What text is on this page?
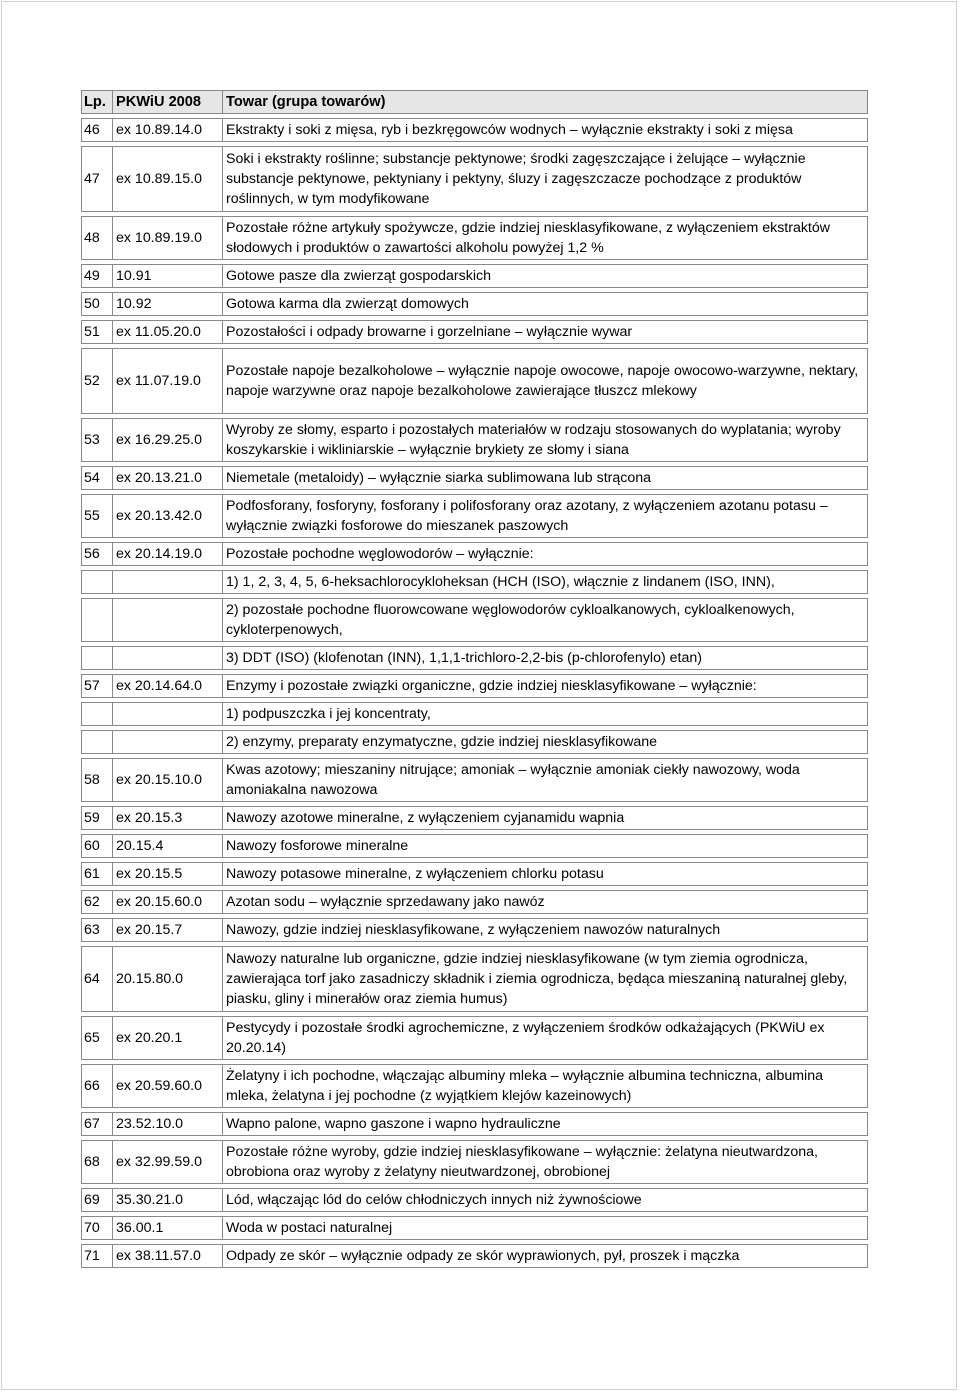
Lp.	PKWiU 2008	Towar (grupa towarów)
46	ex 10.89.14.0	Ekstrakty i soki z mięsa, ryb i bezkręgowców wodnych – wyłącznie ekstrakty i soki z mięsa
47	ex 10.89.15.0	Soki i ekstrakty roślinne; substancje pektynowe; środki zagęszczające i żelujące – wyłącznie substancje pektynowe, pektyniany i pektyny, śluzy i zagęszczacze pochodzące z produktów roślinnych, w tym modyfikowane
48	ex 10.89.19.0	Pozostałe różne artykuły spożywcze, gdzie indziej niesklasyfikowane, z wyłączeniem ekstraktów słodowych i produktów o zawartości alkoholu powyżej 1,2 %
49	10.91	Gotowe pasze dla zwierząt gospodarskich
50	10.92	Gotowa karma dla zwierząt domowych
51	ex 11.05.20.0	Pozostałości i odpady browarne i gorzelniane – wyłącznie wywar
52	ex 11.07.19.0	Pozostałe napoje bezalkoholowe – wyłącznie napoje owocowe, napoje owocowo-warzywne, nektary, napoje warzywne oraz napoje bezalkoholowe zawierające tłuszcz mlekowy
53	ex 16.29.25.0	Wyroby ze słomy, esparto i pozostałych materiałów w rodzaju stosowanych do wyplatania; wyroby koszykarskie i wikliniarskie – wyłącznie brykiety ze słomy i siana
54	ex 20.13.21.0	Niemetale (metaloidy) – wyłącznie siarka sublimowana lub strącona
55	ex 20.13.42.0	Podfosforany, fosforyny, fosforany i polifosforany oraz azotany, z wyłączeniem azotanu potasu – wyłącznie związki fosforowe do mieszanek paszowych
56	ex 20.14.19.0	Pozostałe pochodne węglowodorów – wyłącznie:
		1) 1, 2, 3, 4, 5, 6-heksachlorocykloheksan (HCH (ISO), włącznie z lindanem (ISO, INN),
		2) pozostałe pochodne fluorowcowane węglowodorów cykloalkanowych, cykloalkenowych, cykloterpenowych,
		3) DDT (ISO) (klofenotan (INN), 1,1,1-trichloro-2,2-bis (p-chlorofenylo) etan)
57	ex 20.14.64.0	Enzymy i pozostałe związki organiczne, gdzie indziej niesklasyfikowane – wyłącznie:
		1) podpuszczka i jej koncentraty,
		2) enzymy, preparaty enzymatyczne, gdzie indziej niesklasyfikowane
58	ex 20.15.10.0	Kwas azotowy; mieszaniny nitrujące; amoniak – wyłącznie amoniak ciekły nawozowy, woda amoniakalna nawozowa
59	ex 20.15.3	Nawozy azotowe mineralne, z wyłączeniem cyjanamidu wapnia
60	20.15.4	Nawozy fosforowe mineralne
61	ex 20.15.5	Nawozy potasowe mineralne, z wyłączeniem chlorku potasu
62	ex 20.15.60.0	Azotan sodu – wyłącznie sprzedawany jako nawóz
63	ex 20.15.7	Nawozy, gdzie indziej niesklasyfikowane, z wyłączeniem nawozów naturalnych
64	20.15.80.0	Nawozy naturalne lub organiczne, gdzie indziej niesklasyfikowane (w tym ziemia ogrodnicza, zawierająca torf jako zasadniczy składnik i ziemia ogrodnicza, będąca mieszaniną naturalnej gleby, piasku, gliny i minerałów oraz ziemia humus)
65	ex 20.20.1	Pestycydy i pozostałe środki agrochemiczne, z wyłączeniem środków odkażających (PKWiU ex 20.20.14)
66	ex 20.59.60.0	Żelatyny i ich pochodne, włączając albuminy mleka – wyłącznie albumina techniczna, albumina mleka, żelatyna i jej pochodne (z wyjątkiem klejów kazeinowych)
67	23.52.10.0	Wapno palone, wapno gaszone i wapno hydrauliczne
68	ex 32.99.59.0	Pozostałe różne wyroby, gdzie indziej niesklasyfikowane – wyłącznie: żelatyna nieutwardzona, obrobiona oraz wyroby z żelatyny nieutwardzonej, obrobionej
69	35.30.21.0	Lód, włączając lód do celów chłodniczych innych niż żywnościowe
70	36.00.1	Woda w postaci naturalnej
71	ex 38.11.57.0	Odpady ze skór – wyłącznie odpady ze skór wyprawionych, pył, proszek i mączka
